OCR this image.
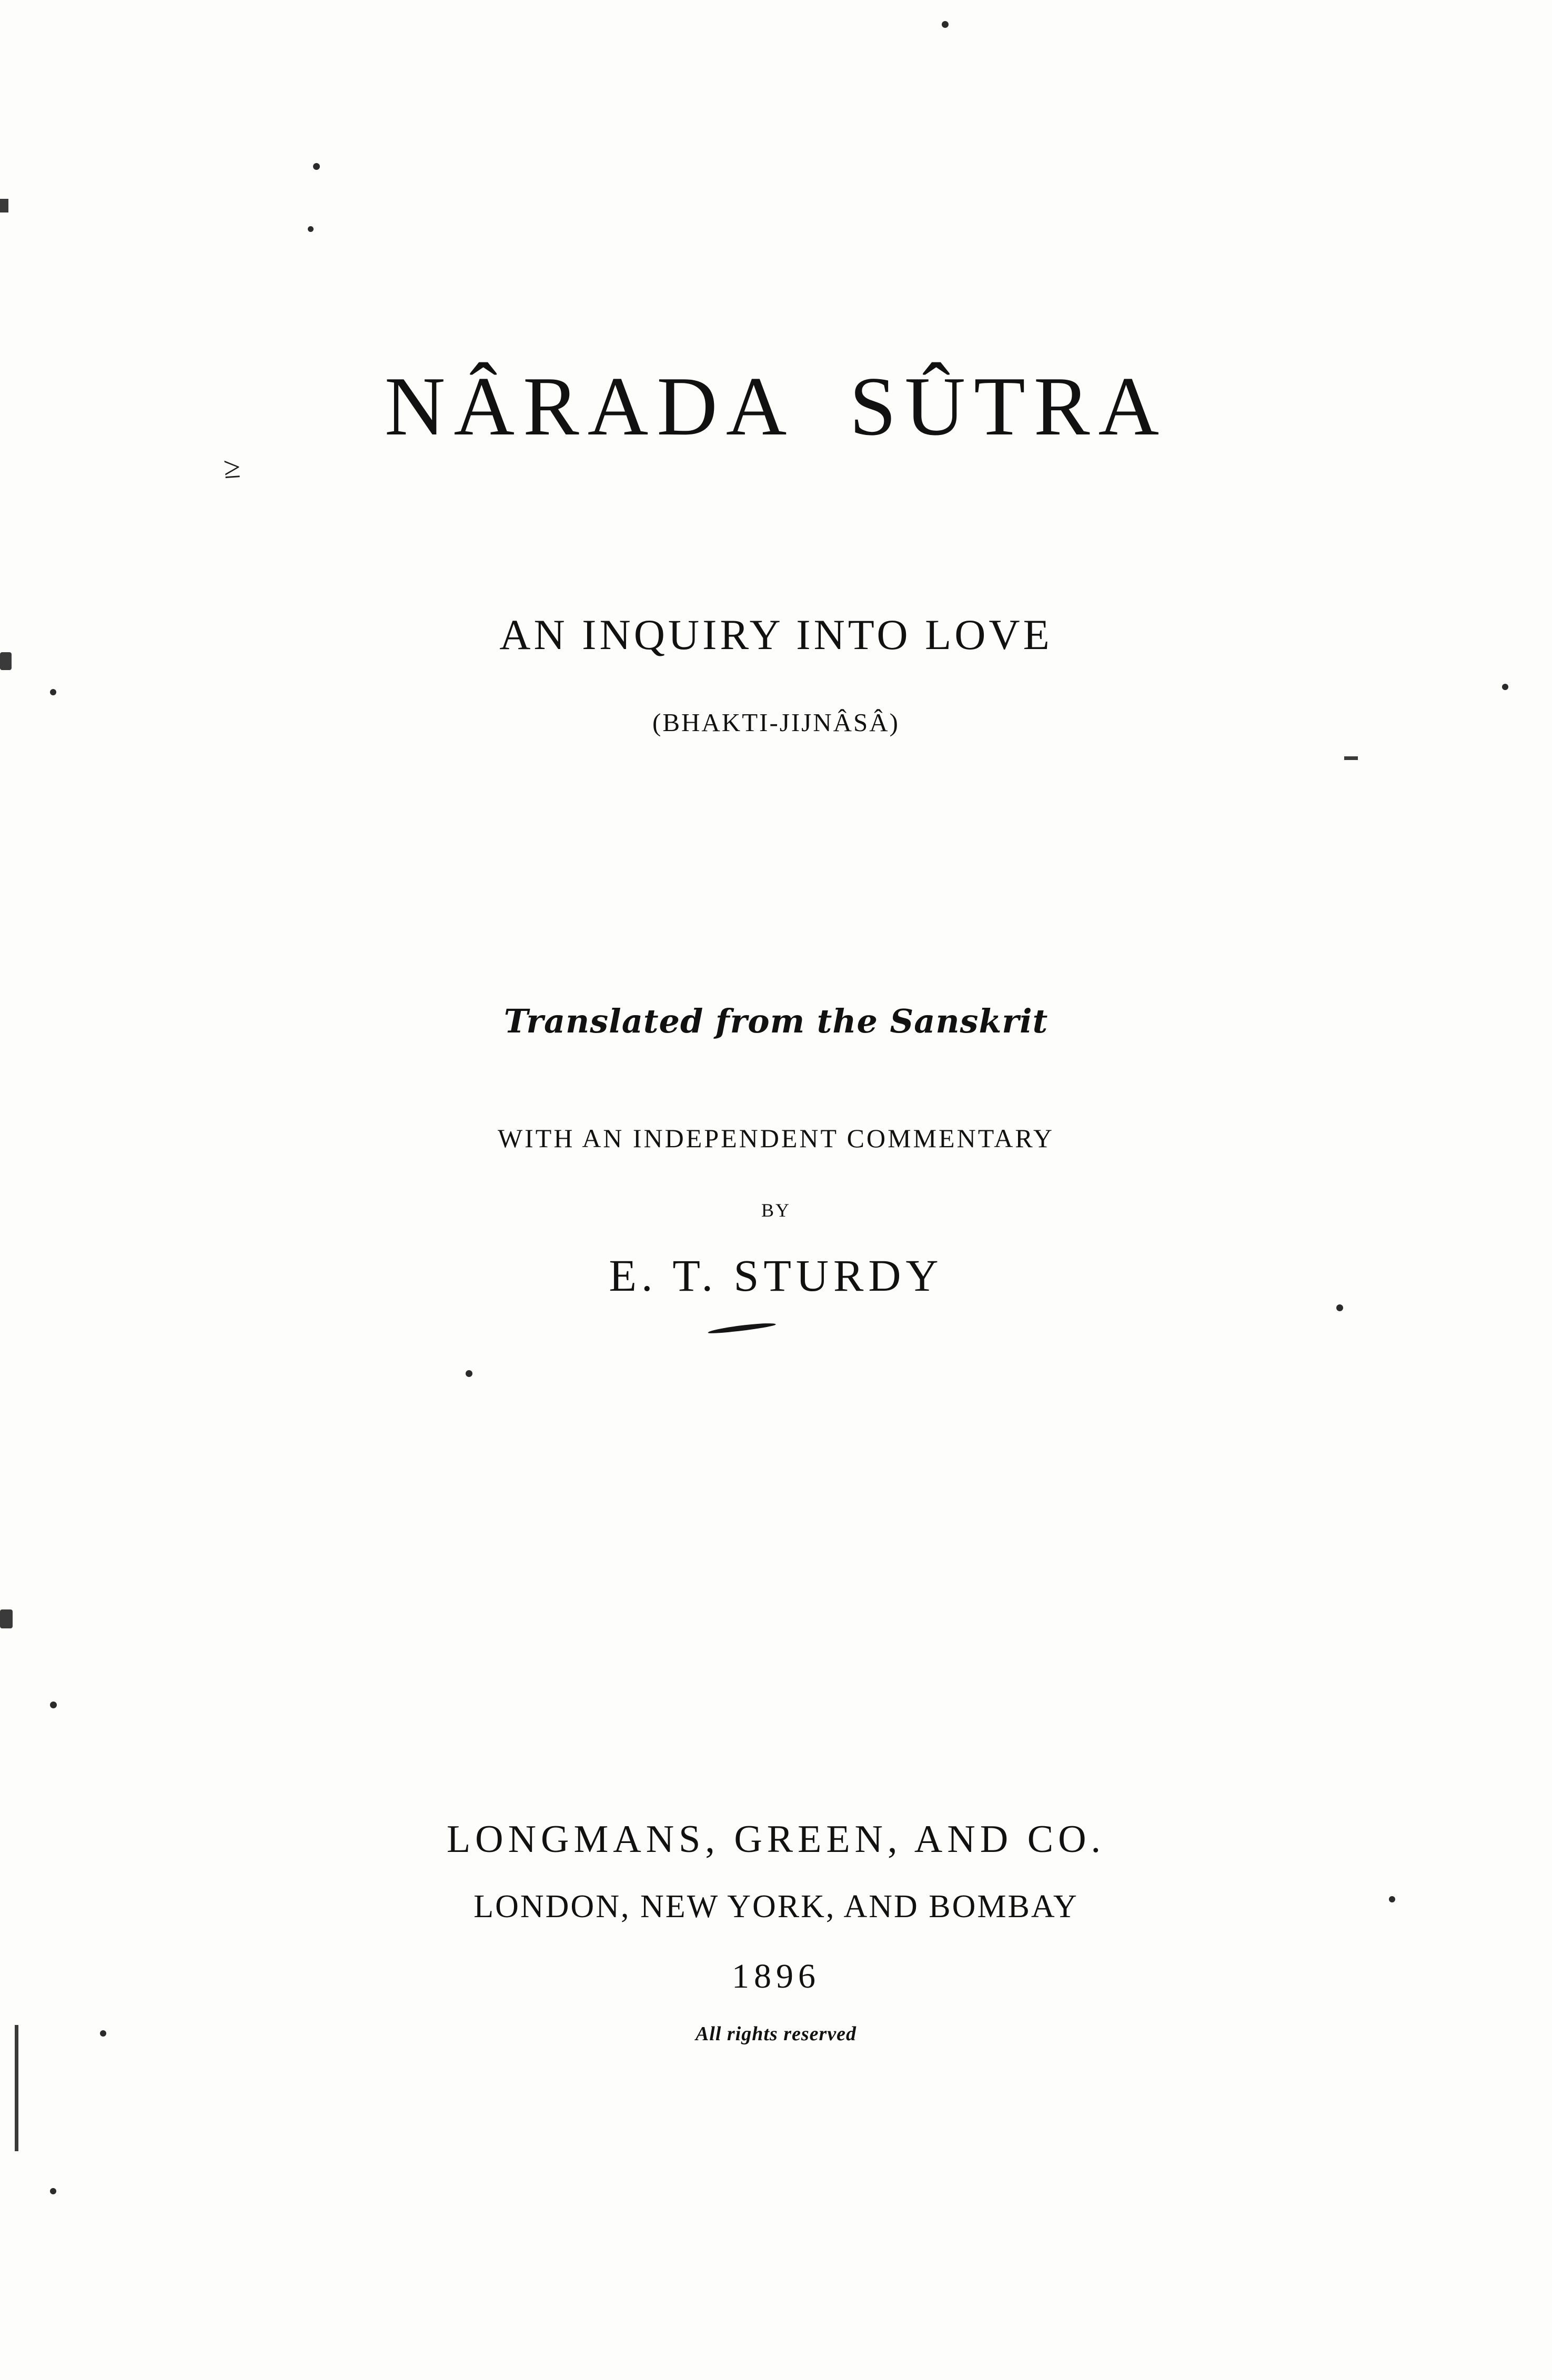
≥
NÂRADA  SÛTRA
AN INQUIRY INTO LOVE
(BHAKTI-JIJNÂSÂ)
Translated from the Sanskrit
WITH AN INDEPENDENT COMMENTARY
BY
E. T. STURDY
LONGMANS, GREEN, AND CO.
LONDON, NEW YORK, AND BOMBAY
1896
All rights reserved
